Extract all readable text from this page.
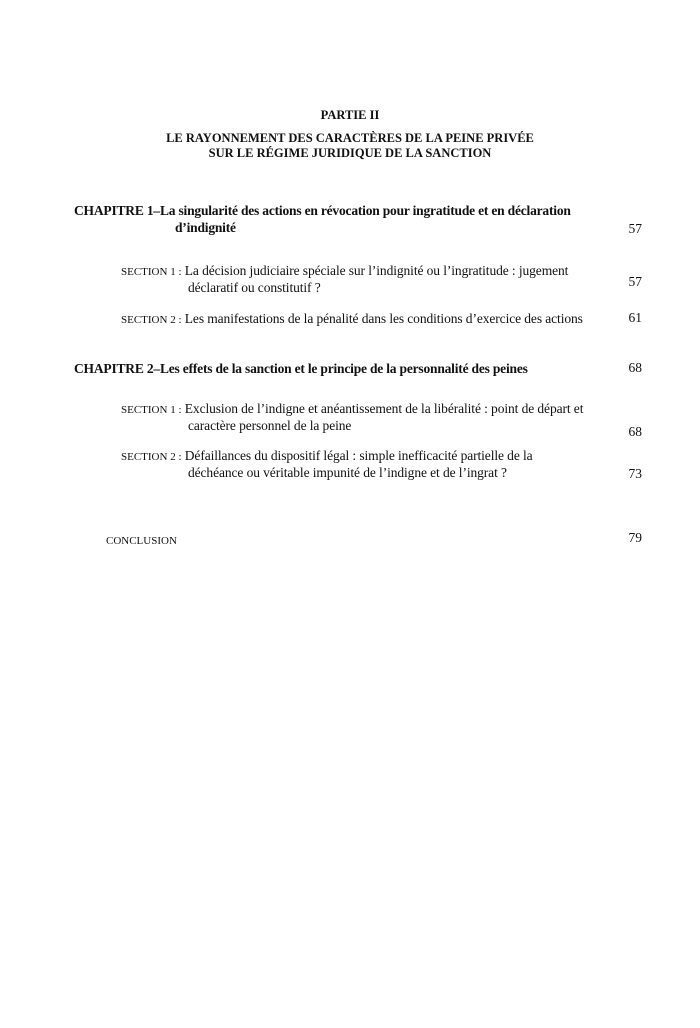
PARTIE II
LE RAYONNEMENT DES CARACTÈRES DE LA PEINE PRIVÉE
SUR LE RÉGIME JURIDIQUE DE LA SANCTION
CHAPITRE 1–La singularité des actions en révocation pour ingratitude et en déclaration
d’indignité	57
SECTION 1 : La décision judiciaire spéciale sur l’indignité ou l’ingratitude : jugement
déclaratif ou constitutif ?	57
SECTION 2 : Les manifestations de la pénalité dans les conditions d’exercice des actions	61
CHAPITRE 2–Les effets de la sanction et le principe de la personnalité des peines	68
SECTION 1 : Exclusion de l’indigne et anéantissement de la libéralité : point de départ et
caractère personnel de la peine	68
SECTION 2 : Défaillances du dispositif légal : simple inefficacité partielle de la
déchéance ou véritable impunité de l’indigne et de l’ingrat ?	73
CONCLUSION	79
